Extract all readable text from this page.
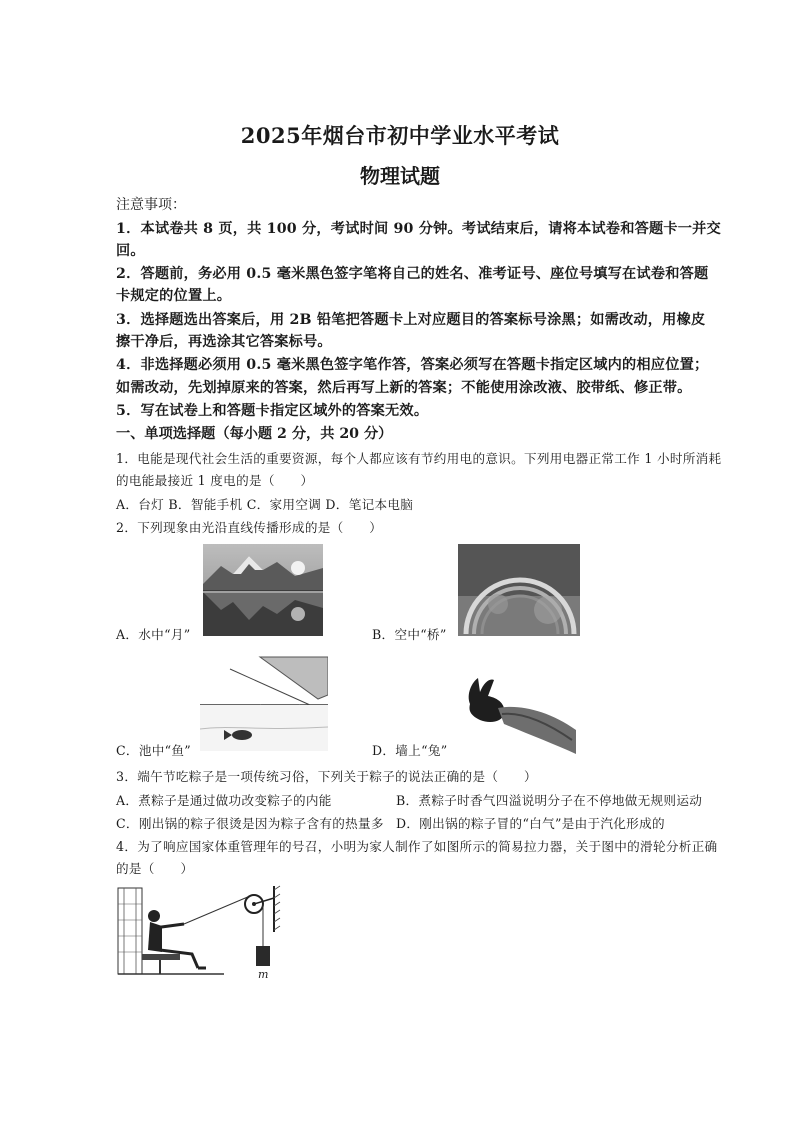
2025年烟台市初中学业水平考试
物理试题
注意事项：
1．本试卷共 8 页，共 100 分，考试时间 90 分钟。考试结束后，请将本试卷和答题卡一并交
回。
2．答题前，务必用 0.5 毫米黑色签字笔将自己的姓名、准考证号、座位号填写在试卷和答题
卡规定的位置上。
3．选择题选出答案后，用 2B 铅笔把答题卡上对应题目的答案标号涂黑；如需改动，用橡皮
擦干净后，再选涂其它答案标号。
4．非选择题必须用 0.5 毫米黑色签字笔作答，答案必须写在答题卡指定区域内的相应位置；
如需改动，先划掉原来的答案，然后再写上新的答案；不能使用涂改液、胶带纸、修正带。
5．写在试卷上和答题卡指定区域外的答案无效。
一、单项选择题（每小题 2 分，共 20 分）
1．电能是现代社会生活的重要资源，每个人都应该有节约用电的意识。下列用电器正常工作 1 小时所消耗
的电能最接近 1 度电的是（　　）
A．台灯 B．智能手机 C．家用空调 D．笔记本电脑
2．下列现象由光沿直线传播形成的是（　　）
A．水中“月”	B．空中“桥”
C．池中“鱼”	D．墙上“兔”
3．端午节吃粽子是一项传统习俗，下列关于粽子的说法正确的是（　　）
A．煮粽子是通过做功改变粽子的内能	B．煮粽子时香气四溢说明分子在不停地做无规则运动
C．刚出锅的粽子很烫是因为粽子含有的热量多 D．刚出锅的粽子冒的“白气”是由于汽化形成的
4．为了响应国家体重管理年的号召，小明为家人制作了如图所示的简易拉力器，关于图中的滑轮分析正确
的是（　　）
m
